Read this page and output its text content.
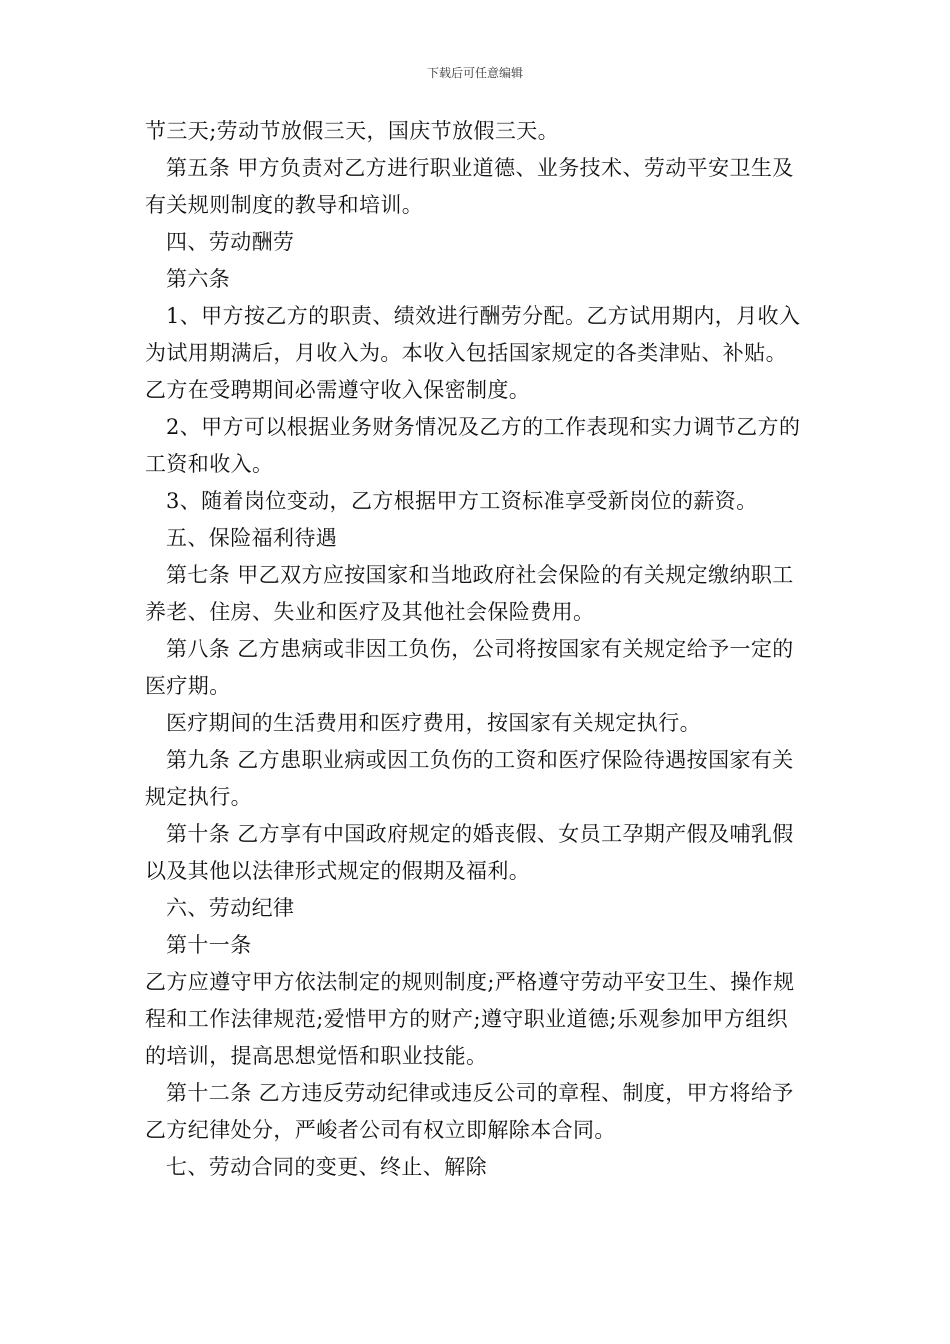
下载后可任意编辑

节三天;劳动节放假三天，国庆节放假三天。

第五条 甲方负责对乙方进行职业道德、业务技术、劳动平安卫生及有关规则制度的教导和培训。

四、劳动酬劳

第六条

1、甲方按乙方的职责、绩效进行酬劳分配。乙方试用期内，月收入为试用期满后，月收入为。本收入包括国家规定的各类津贴、补贴。乙方在受聘期间必需遵守收入保密制度。

2、甲方可以根据业务财务情况及乙方的工作表现和实力调节乙方的工资和收入。

3、随着岗位变动，乙方根据甲方工资标准享受新岗位的薪资。

五、保险福利待遇

第七条 甲乙双方应按国家和当地政府社会保险的有关规定缴纳职工养老、住房、失业和医疗及其他社会保险费用。

第八条 乙方患病或非因工负伤，公司将按国家有关规定给予一定的医疗期。

医疗期间的生活费用和医疗费用，按国家有关规定执行。

第九条 乙方患职业病或因工负伤的工资和医疗保险待遇按国家有关规定执行。

第十条 乙方享有中国政府规定的婚丧假、女员工孕期产假及哺乳假以及其他以法律形式规定的假期及福利。

六、劳动纪律

第十一条

乙方应遵守甲方依法制定的规则制度;严格遵守劳动平安卫生、操作规程和工作法律规范;爱惜甲方的财产;遵守职业道德;乐观参加甲方组织的培训，提高思想觉悟和职业技能。

第十二条 乙方违反劳动纪律或违反公司的章程、制度，甲方将给予乙方纪律处分，严峻者公司有权立即解除本合同。

七、劳动合同的变更、终止、解除
